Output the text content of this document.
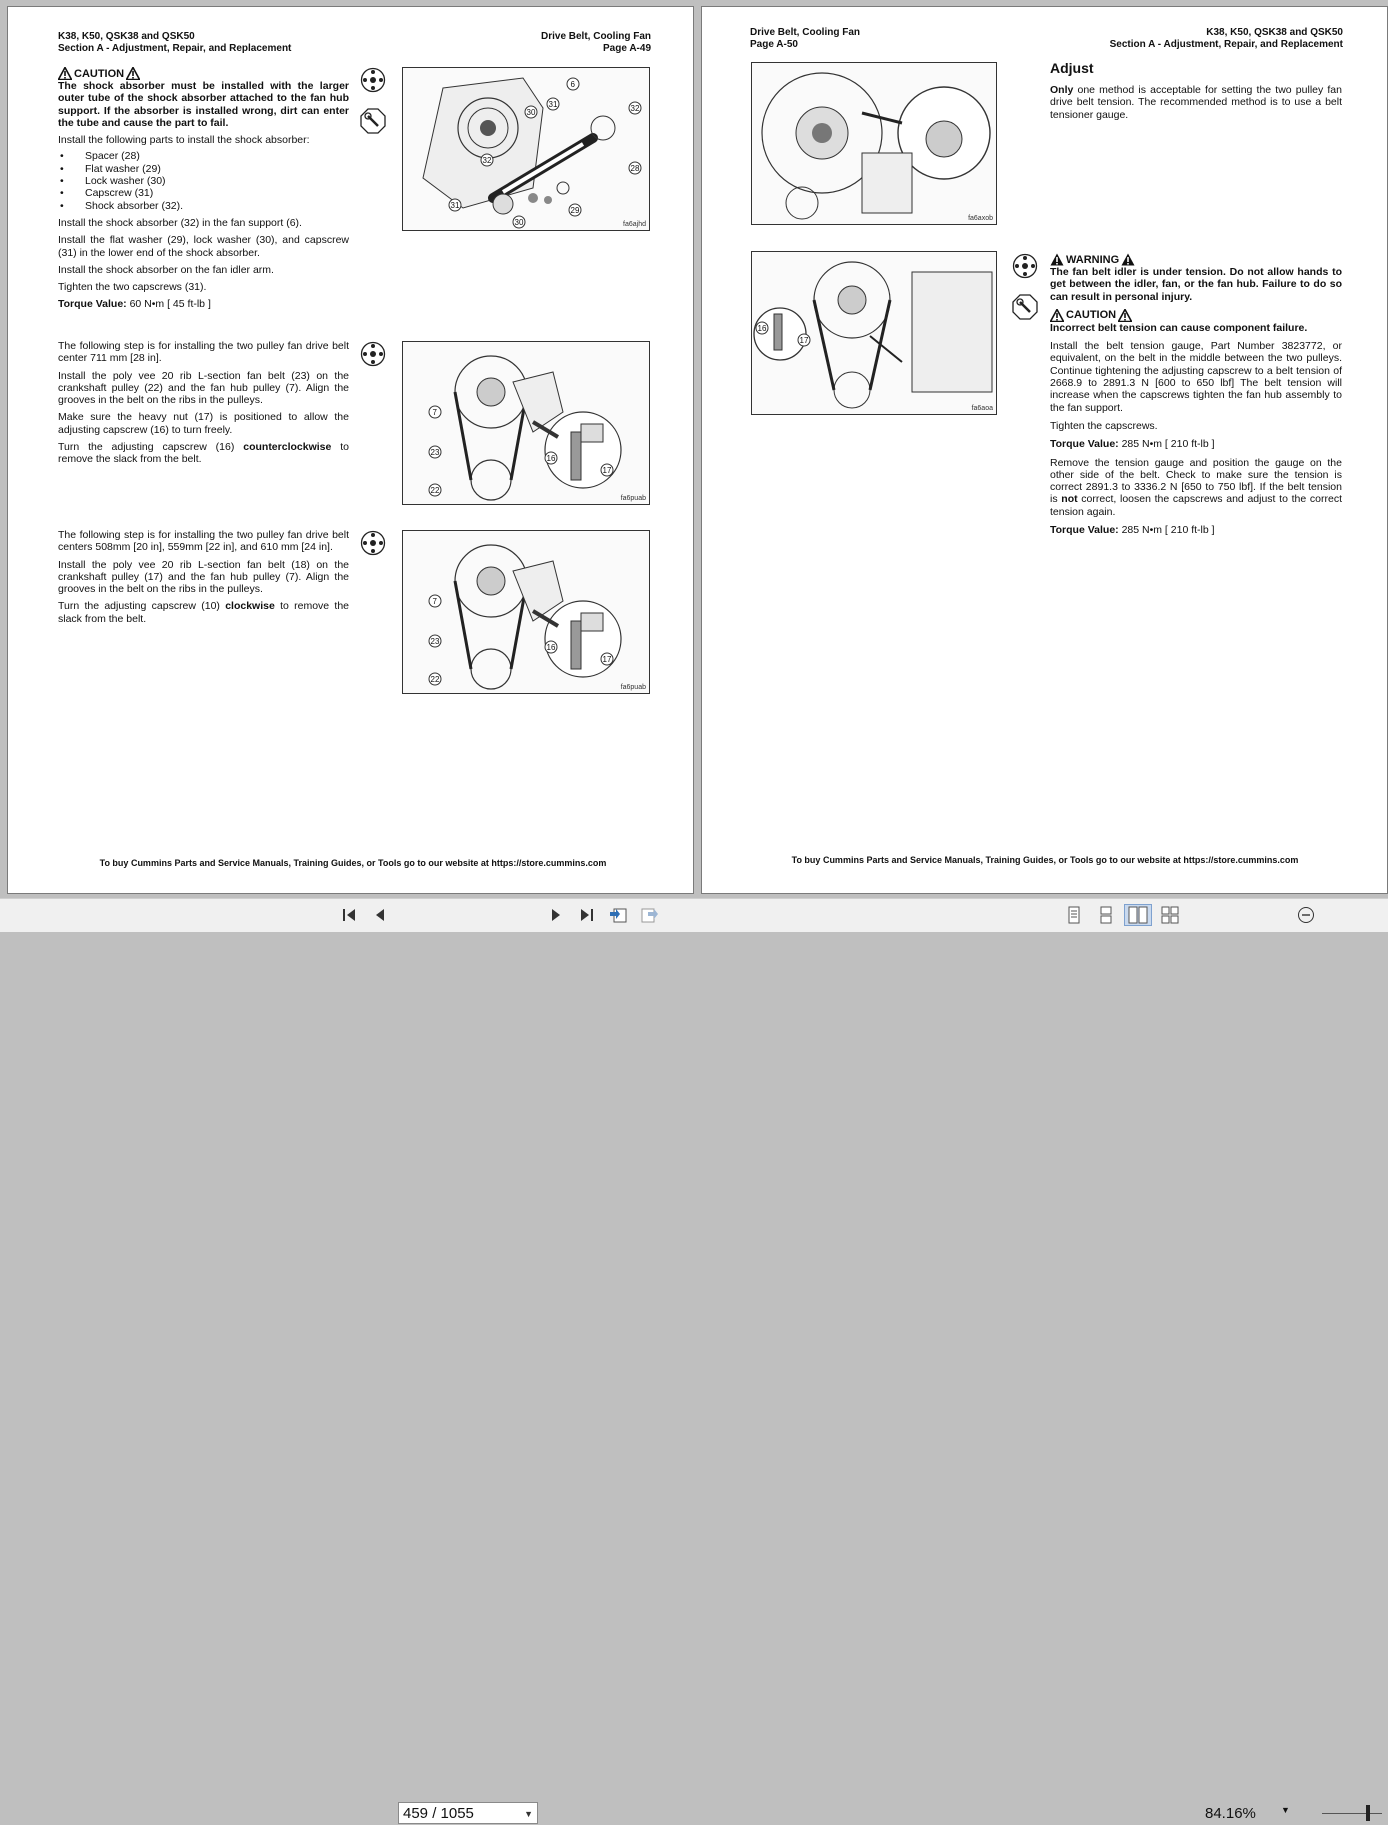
K38, K50, QSK38 and QSK50
Section A - Adjustment, Repair, and Replacement
Drive Belt, Cooling Fan
Page A-49
CAUTION
The shock absorber must be installed with the larger outer tube of the shock absorber attached to the fan hub support. If the absorber is installed wrong, dirt can enter the tube and cause the part to fail.
Install the following parts to install the shock absorber:
• Spacer (28)
• Flat washer (29)
• Lock washer (30)
• Capscrew (31)
• Shock absorber (32).
Install the shock absorber (32) in the fan support (6).
Install the flat washer (29), lock washer (30), and capscrew (31) in the lower end of the shock absorber.
Install the shock absorber on the fan idler arm.
Tighten the two capscrews (31).
Torque Value: 60 N•m [ 45 ft-lb ]
6
30
31
32
31
30
29
28
32
fa6ajhd
The following step is for installing the two pulley fan drive belt center 711 mm [28 in].
Install the poly vee 20 rib L-section fan belt (23) on the crankshaft pulley (22) and the fan hub pulley (7). Align the grooves in the belt on the ribs in the pulleys.
Make sure the heavy nut (17) is positioned to allow the adjusting capscrew (16) to turn freely.
Turn the adjusting capscrew (16) counterclockwise to remove the slack from the belt.
7
23
22
16
17
fa6puab
The following step is for installing the two pulley fan drive belt centers 508mm [20 in], 559mm [22 in], and 610 mm [24 in].
Install the poly vee 20 rib L-section fan belt (18) on the crankshaft pulley (17) and the fan hub pulley (7). Align the grooves in the belt on the ribs in the pulleys.
Turn the adjusting capscrew (10) clockwise to remove the slack from the belt.
7
23
22
16
17
fa6puab
To buy Cummins Parts and Service Manuals, Training Guides, or Tools go to our website at https://store.cummins.com
Drive Belt, Cooling Fan
Page A-50
K38, K50, QSK38 and QSK50
Section A - Adjustment, Repair, and Replacement
fa6axob
Adjust
Only one method is acceptable for setting the two pulley fan drive belt tension. The recommended method is to use a belt tensioner gauge.
16
17
fa6aoa
WARNING
The fan belt idler is under tension. Do not allow hands to get between the idler, fan, or the fan hub. Failure to do so can result in personal injury.
CAUTION
Incorrect belt tension can cause component failure.
Install the belt tension gauge, Part Number 3823772, or equivalent, on the belt in the middle between the two pulleys. Continue tightening the adjusting capscrew to a belt tension of 2668.9 to 2891.3 N [600 to 650 lbf] The belt tension will increase when the capscrews tighten the fan hub assembly to the fan support.
Tighten the capscrews.
Torque Value: 285 N•m [ 210 ft-lb ]
Remove the tension gauge and position the gauge on the other side of the belt. Check to make sure the tension is correct 2891.3 to 3336.2 N [650 to 750 lbf]. If the belt tension is not correct, loosen the capscrews and adjust to the correct tension again.
Torque Value: 285 N•m [ 210 ft-lb ]
To buy Cummins Parts and Service Manuals, Training Guides, or Tools go to our website at https://store.cummins.com
459 / 1055	▼	84.16%	▼
